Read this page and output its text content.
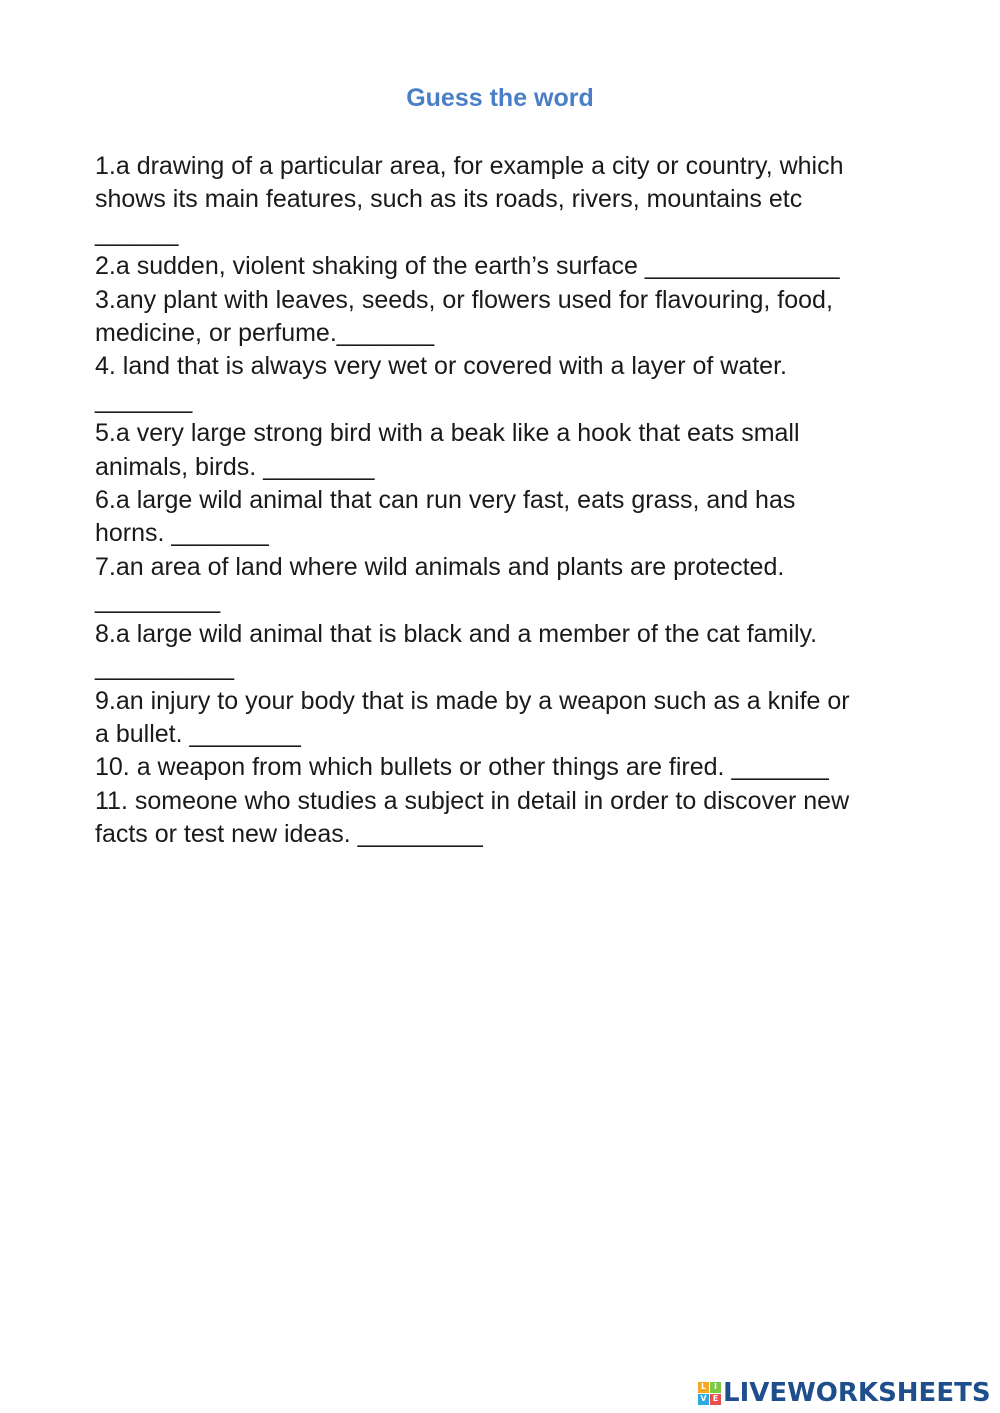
Guess the word
1.a drawing of a particular area, for example a city or country, which
shows its main features, such as its roads, rivers, mountains etc
______
2.a sudden, violent shaking of the earth’s surface ______________
3.any plant with leaves, seeds, or flowers used for flavouring, food,
medicine, or perfume._______
4. land that is always very wet or covered with a layer of water.
_______
5.a very large strong bird with a beak like a hook that eats small
animals, birds. ________
6.a large wild animal that can run very fast, eats grass, and has
horns. _______
7.an area of land where wild animals and plants are protected.
_________
8.a large wild animal that is black and a member of the cat family.
__________
9.an injury to your body that is made by a weapon such as a knife or
a bullet. ________
10. a weapon from which bullets or other things are fired. _______
11. someone who studies a subject in detail in order to discover new
facts or test new ideas. _________
L I
V E LIVEWORKSHEETS
